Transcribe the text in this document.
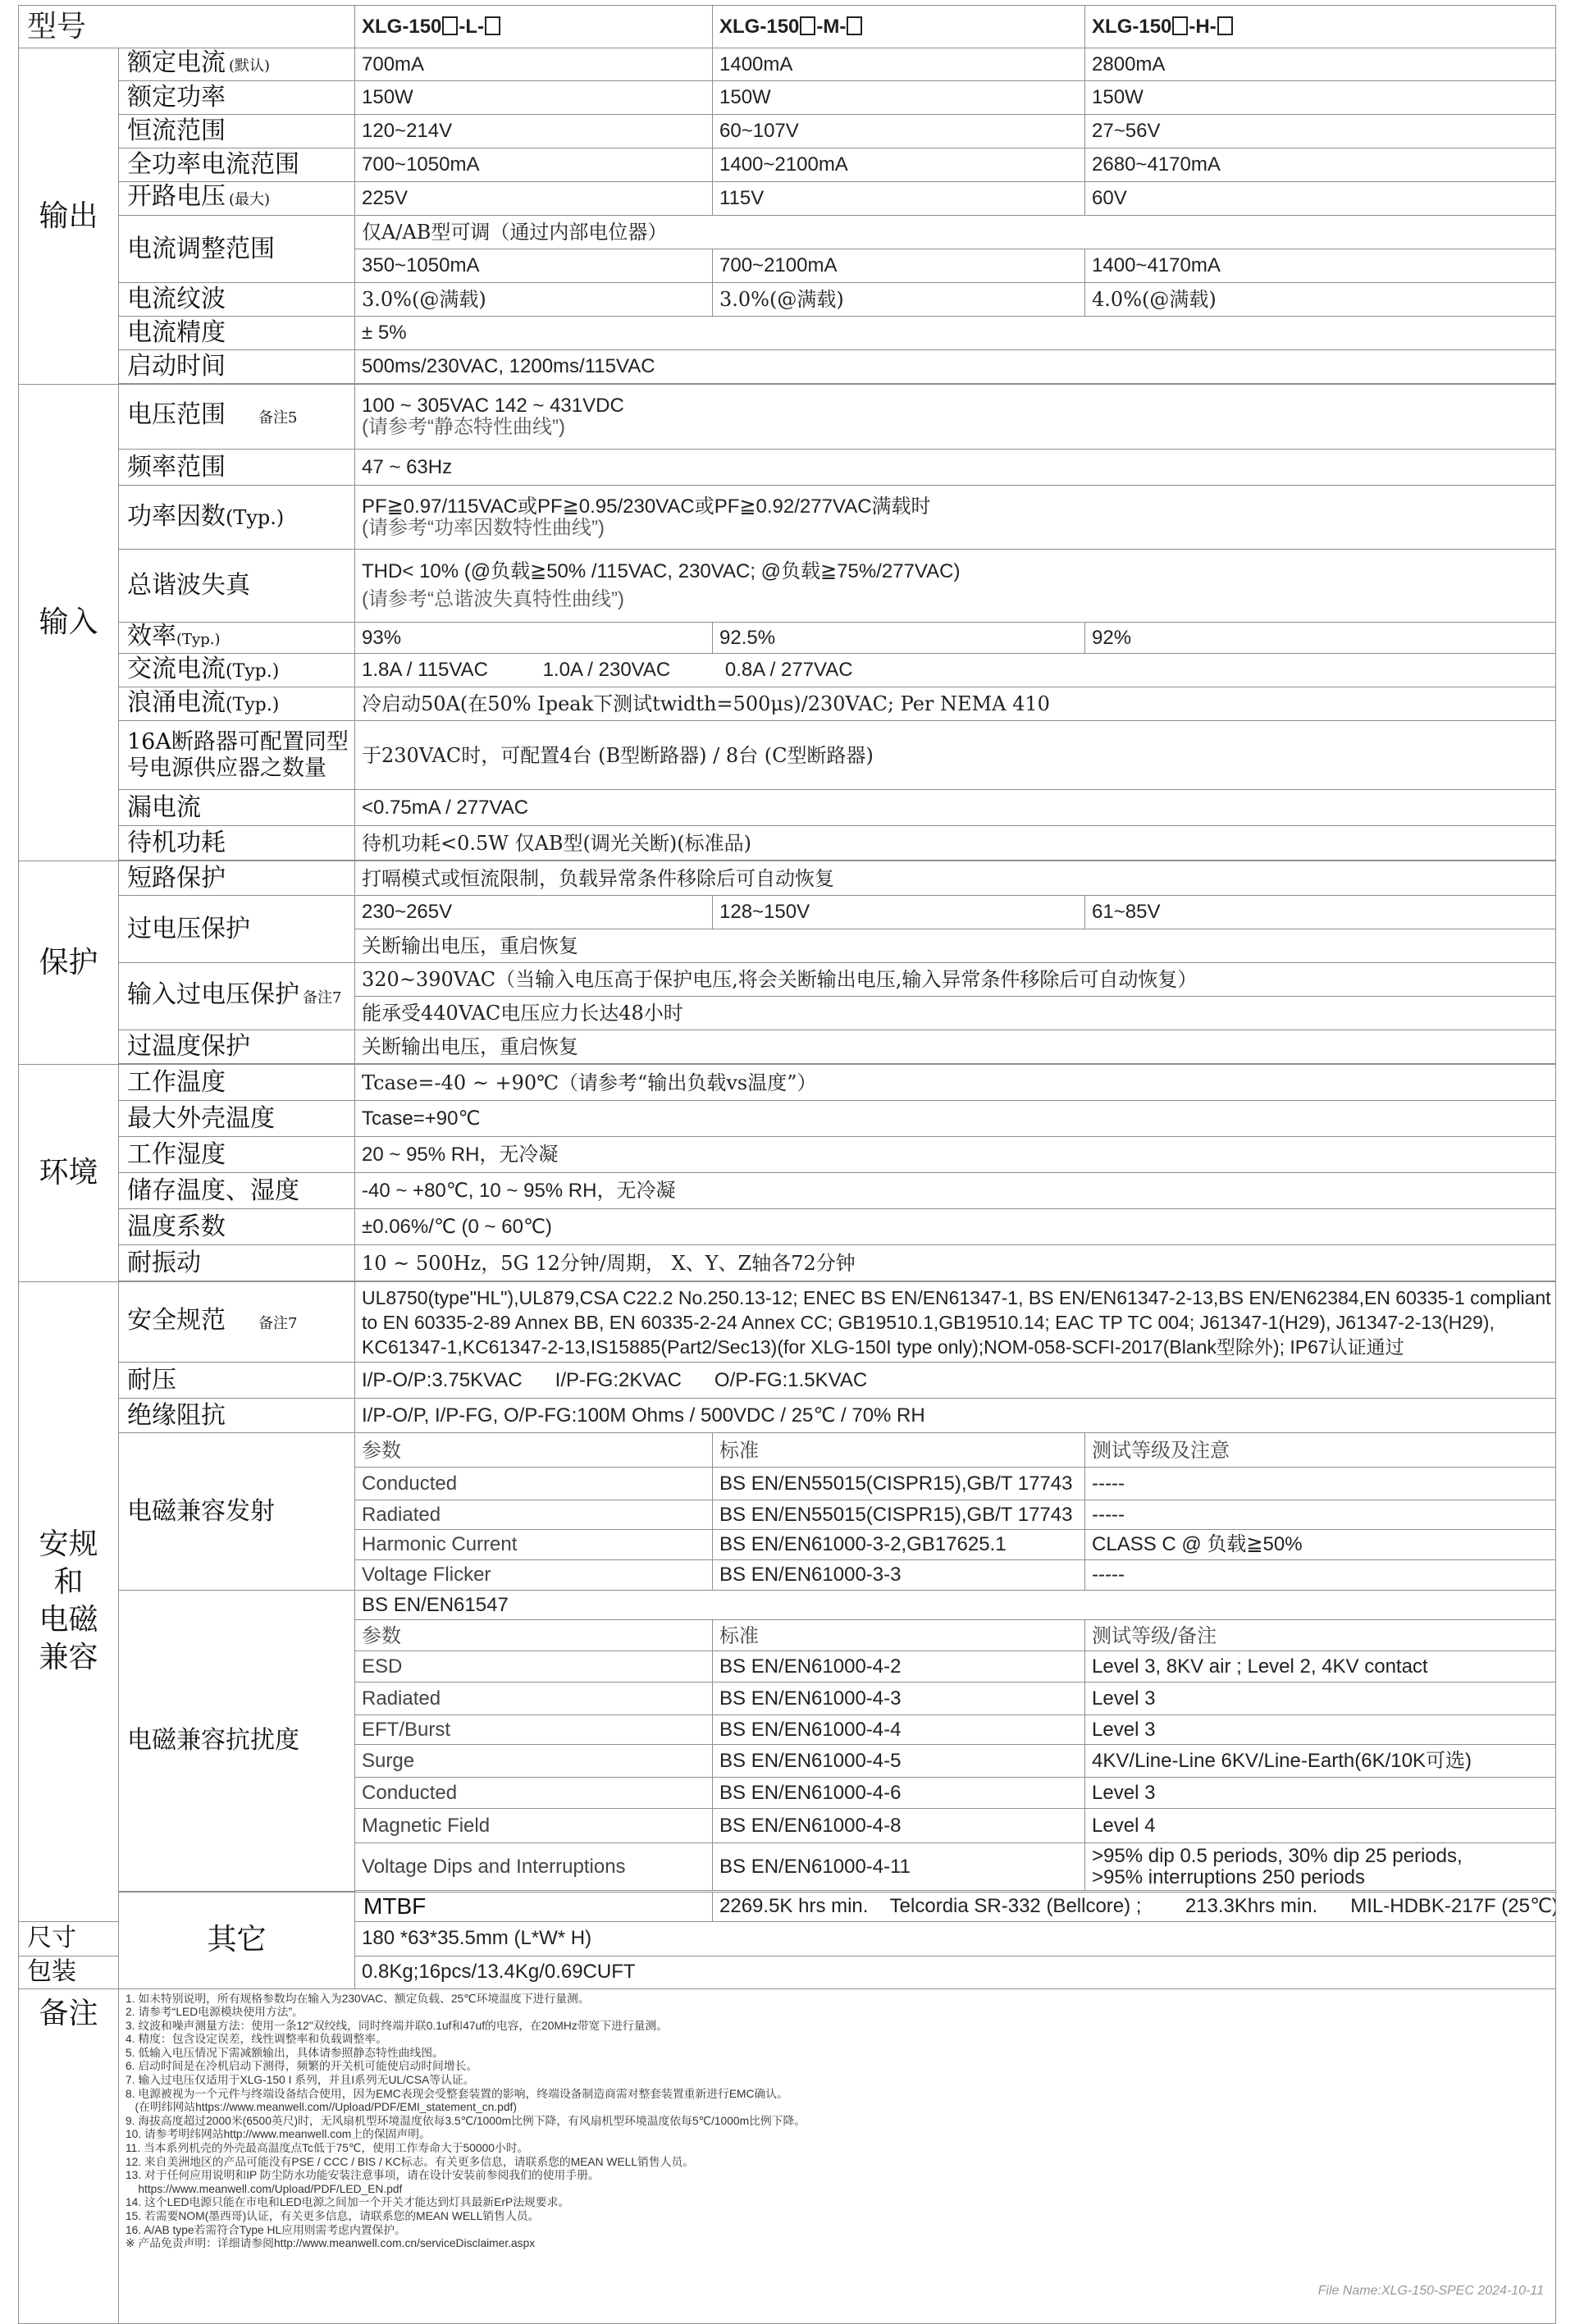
型号	XLG-150 -L-	XLG-150 -M-	XLG-150 -H-
输出	额定电流 (默认)	700mA	1400mA	2800mA
额定功率	150W	150W	150W
恒流范围	120~214V	60~107V	27~56V
全功率电流范围	700~1050mA	1400~2100mA	2680~4170mA
开路电压 (最大)	225V	115V	60V
电流调整范围	仅A/AB型可调（通过内部电位器）
350~1050mA	700~2100mA	1400~4170mA
电流纹波	3.0%(@满载)	3.0%(@满载)	4.0%(@满载)
电流精度	± 5%
启动时间	500ms/230VAC, 1200ms/115VAC

输入	电压范围 备注5	
100 ~ 305VAC 142 ~ 431VDC
(请参考“静态特性曲线”)

频率范围	47 ~ 63Hz
功率因数(Typ.)	PF≧0.97/115VAC或PF≧0.95/230VAC或PF≧0.92/277VAC满载时
(请参考“功率因数特性曲线”)

总谐波失真	THD< 10% (@负载≧50% /115VAC, 230VAC; @负载≧75%/277VAC)
(请参考“总谐波失真特性曲线”)

效率(Typ.)	93%	92.5%	92%
交流电流(Typ.)	1.8A / 115VAC          1.0A / 230VAC          0.8A / 277VAC
浪涌电流(Typ.)	冷启动50A(在50% Ipeak下测试twidth=500μs)/230VAC; Per NEMA 410

16A断路器可配置同型
号电源供应器之数量	于230VAC时，可配置4台 (B型断路器) / 8台 (C型断路器)
漏电流	<0.75mA / 277VAC
待机功耗	待机功耗<0.5W 仅AB型(调光关断)(标准品)

保护	短路保护	打嗝模式或恒流限制，负载异常条件移除后可自动恢复
过电压保护	230~265V	128~150V	61~85V
关断输出电压，重启恢复
输入过电压保护 备注7	320~390VAC（当输入电压高于保护电压,将会关断输出电压,输入异常条件移除后可自动恢复）
能承受440VAC电压应力长达48小时
过温度保护	关断输出电压，重启恢复

环境	工作温度	Tcase=-40 ~ +90℃（请参考“输出负载vs温度”）
最大外壳温度	Tcase=+90℃
工作湿度	20 ~ 95% RH，无冷凝
储存温度、湿度	-40 ~ +80℃, 10 ~ 95% RH，无冷凝
温度系数	±0.06%/℃ (0 ~ 60℃)
耐振动	10 ~ 500Hz，5G 12分钟/周期， X、Y、Z轴各72分钟

安规
和
电磁
兼容
	安全规范 备注7	
UL8750(type"HL"),UL879,CSA C22.2 No.250.13-12; ENEC BS EN/EN61347-1, BS EN/EN61347-2-13,BS EN/EN62384,EN 60335-1 compliant
to EN 60335-2-89 Annex BB, EN 60335-2-24 Annex CC; GB19510.1,GB19510.14; EAC TP TC 004; J61347-1(H29), J61347-2-13(H29),
KC61347-1,KC61347-2-13,IS15885(Part2/Sec13)(for XLG-150I type only);NOM-058-SCFI-2017(Blank型除外); IP67认证通过

耐压	I/P-O/P:3.75KVAC      I/P-FG:2KVAC      O/P-FG:1.5KVAC
绝缘阻抗	I/P-O/P, I/P-FG, O/P-FG:100M Ohms / 500VDC / 25℃ / 70% RH
电磁兼容发射	参数	标准	测试等级及注意
Conducted	BS EN/EN55015(CISPR15),GB/T 17743	-----
Radiated	BS EN/EN55015(CISPR15),GB/T 17743	-----
Harmonic Current	BS EN/EN61000-3-2,GB17625.1	CLASS C @ 负载≧50%
Voltage Flicker	BS EN/EN61000-3-3	-----
电磁兼容抗扰度	BS EN/EN61547
参数	标准	测试等级/备注
ESD	BS EN/EN61000-4-2	Level 3, 8KV air ; Level 2, 4KV contact
Radiated	BS EN/EN61000-4-3	Level 3
EFT/Burst	BS EN/EN61000-4-4	Level 3
Surge	BS EN/EN61000-4-5	4KV/Line-Line 6KV/Line-Earth(6K/10K可选)
Conducted	BS EN/EN61000-4-6	Level 3
Magnetic Field	BS EN/EN61000-4-8	Level 4
Voltage Dips and Interruptions	BS EN/EN61000-4-11	>95% dip 0.5 periods, 30% dip 25 periods,
>95% interruptions 250 periods

其它	MTBF	2269.5K hrs min.    Telcordia SR-332 (Bellcore) ;        213.3Khrs min.      MIL-HDBK-217F (25℃)
尺寸	180 *63*35.5mm (L*W* H)
包装	0.8Kg;16pcs/13.4Kg/0.69CUFT
备注	1. 如未特别说明，所有规格参数均在输入为230VAC、额定负载、25℃环境温度下进行量测。
2. 请参考“LED电源模块使用方法”。
3. 纹波和噪声测量方法：使用一条12"双绞线，同时终端并联0.1uf和47uf的电容，在20MHz带宽下进行量测。
4. 精度：包含设定误差，线性调整率和负载调整率。
5. 低输入电压情况下需减额输出，具体请参照静态特性曲线图。
6. 启动时间是在冷机启动下测得，频繁的开关机可能使启动时间增长。
7. 输入过电压仅适用于XLG-150 I 系列，并且I系列无UL/CSA等认证。
8. 电源被视为一个元件与终端设备结合使用，因为EMC表现会受整套装置的影响，终端设备制造商需对整套装置重新进行EMC确认。
(在明纬网站https://www.meanwell.com//Upload/PDF/EMI_statement_cn.pdf)
9. 海拔高度超过2000米(6500英尺)时，无风扇机型环境温度依每3.5℃/1000m比例下降，有风扇机型环境温度依每5℃/1000m比例下降。
10. 请参考明纬网站http://www.meanwell.com上的保固声明。
11. 当本系列机壳的外壳最高温度点Tc低于75℃，使用工作寿命大于50000小时。
12. 来自美洲地区的产品可能没有PSE / CCC / BIS / KC标志。有关更多信息，请联系您的MEAN WELL销售人员。
13. 对于任何应用说明和IP 防尘防水功能安装注意事项，请在设计安装前参阅我们的使用手册。
https://www.meanwell.com/Upload/PDF/LED_EN.pdf
14. 这个LED电源只能在市电和LED电源之间加一个开关才能达到灯具最新ErP法规要求。
15. 若需要NOM(墨西哥)认证，有关更多信息，请联系您的MEAN WELL销售人员。
16. A/AB type若需符合Type HL应用则需考虑内置保护。
※ 产品免责声明：详细请参阅http://www.meanwell.com.cn/serviceDisclaimer.aspx
File Name:XLG-150-SPEC 2024-10-11
